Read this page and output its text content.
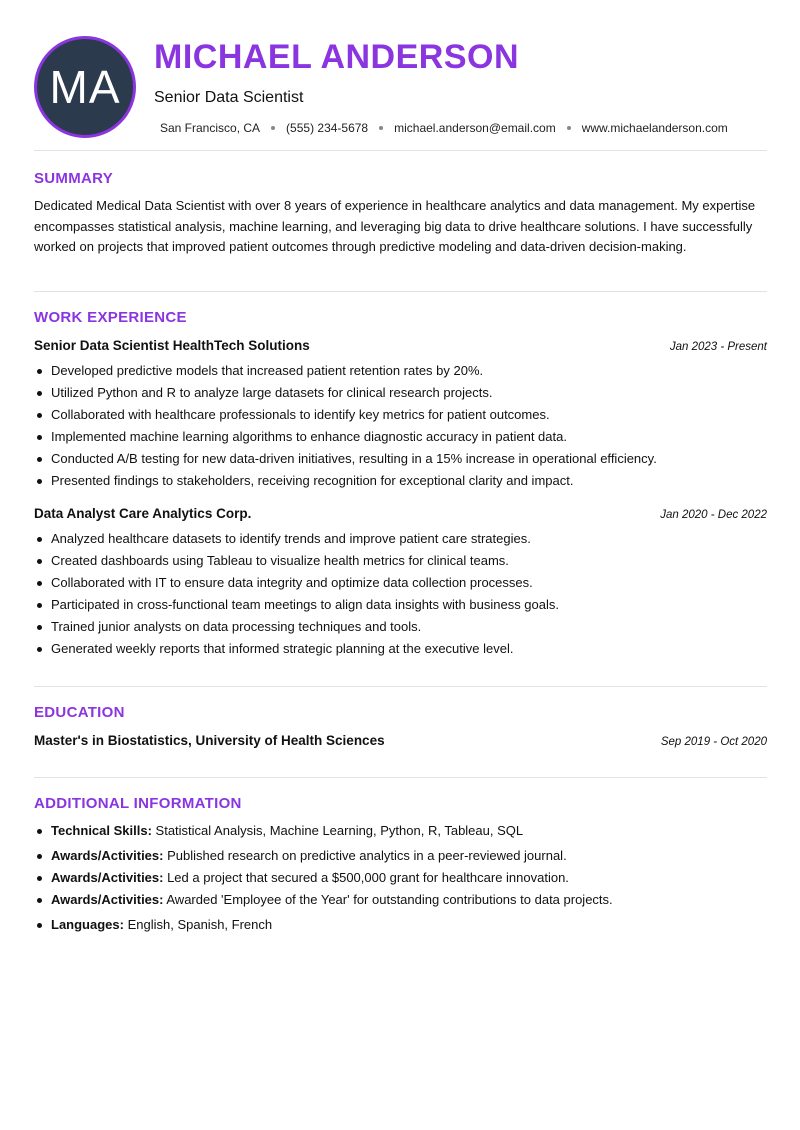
MA
MICHAEL ANDERSON
Senior Data Scientist
San Francisco, CA (555) 234-5678 michael.anderson@email.com www.michaelanderson.com
SUMMARY
Dedicated Medical Data Scientist with over 8 years of experience in healthcare analytics and data management. My expertise encompasses statistical analysis, machine learning, and leveraging big data to drive healthcare solutions. I have successfully worked on projects that improved patient outcomes through predictive modeling and data-driven decision-making.
WORK EXPERIENCE
Senior Data Scientist HealthTech Solutions	Jan 2023 - Present
Developed predictive models that increased patient retention rates by 20%.
Utilized Python and R to analyze large datasets for clinical research projects.
Collaborated with healthcare professionals to identify key metrics for patient outcomes.
Implemented machine learning algorithms to enhance diagnostic accuracy in patient data.
Conducted A/B testing for new data-driven initiatives, resulting in a 15% increase in operational efficiency.
Presented findings to stakeholders, receiving recognition for exceptional clarity and impact.
Data Analyst Care Analytics Corp.	Jan 2020 - Dec 2022
Analyzed healthcare datasets to identify trends and improve patient care strategies.
Created dashboards using Tableau to visualize health metrics for clinical teams.
Collaborated with IT to ensure data integrity and optimize data collection processes.
Participated in cross-functional team meetings to align data insights with business goals.
Trained junior analysts on data processing techniques and tools.
Generated weekly reports that informed strategic planning at the executive level.
EDUCATION
Master's in Biostatistics, University of Health Sciences	Sep 2019 - Oct 2020
ADDITIONAL INFORMATION
Technical Skills: Statistical Analysis, Machine Learning, Python, R, Tableau, SQL
Awards/Activities: Published research on predictive analytics in a peer-reviewed journal.
Awards/Activities: Led a project that secured a $500,000 grant for healthcare innovation.
Awards/Activities: Awarded 'Employee of the Year' for outstanding contributions to data projects.
Languages: English, Spanish, French
